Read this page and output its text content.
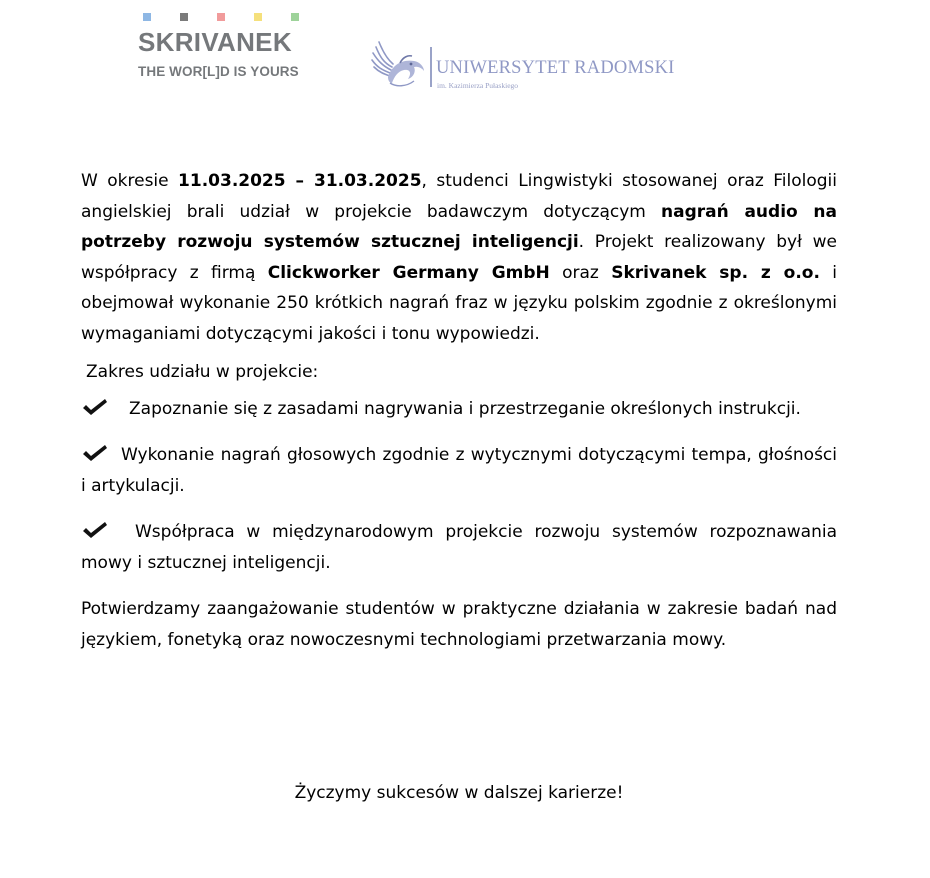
SKRIVANEK
THE WOR[L]D IS YOURS	UNIWERSYTET RADOMSKI
im. Kazimierza Pułaskiego

W okresie 11.03.2025 – 31.03.2025, studenci Lingwistyki stosowanej oraz Filologii angielskiej brali udział w projekcie badawczym dotyczącym nagrań audio na potrzeby rozwoju systemów sztucznej inteligencji. Projekt realizowany był we współpracy z firmą Clickworker Germany GmbH oraz Skrivanek sp. z o.o. i obejmował wykonanie 250 krótkich nagrań fraz w języku polskim zgodnie z określonymi wymaganiami dotyczącymi jakości i tonu wypowiedzi.

Zakres udziału w projekcie:

Zapoznanie się z zasadami nagrywania i przestrzeganie określonych instrukcji.

Wykonanie nagrań głosowych zgodnie z wytycznymi dotyczącymi tempa, głośności i artykulacji.

Współpraca w międzynarodowym projekcie rozwoju systemów rozpoznawania mowy i sztucznej inteligencji.

Potwierdzamy zaangażowanie studentów w praktyczne działania w zakresie badań nad językiem, fonetyką oraz nowoczesnymi technologiami przetwarzania mowy.

Życzymy sukcesów w dalszej karierze!
